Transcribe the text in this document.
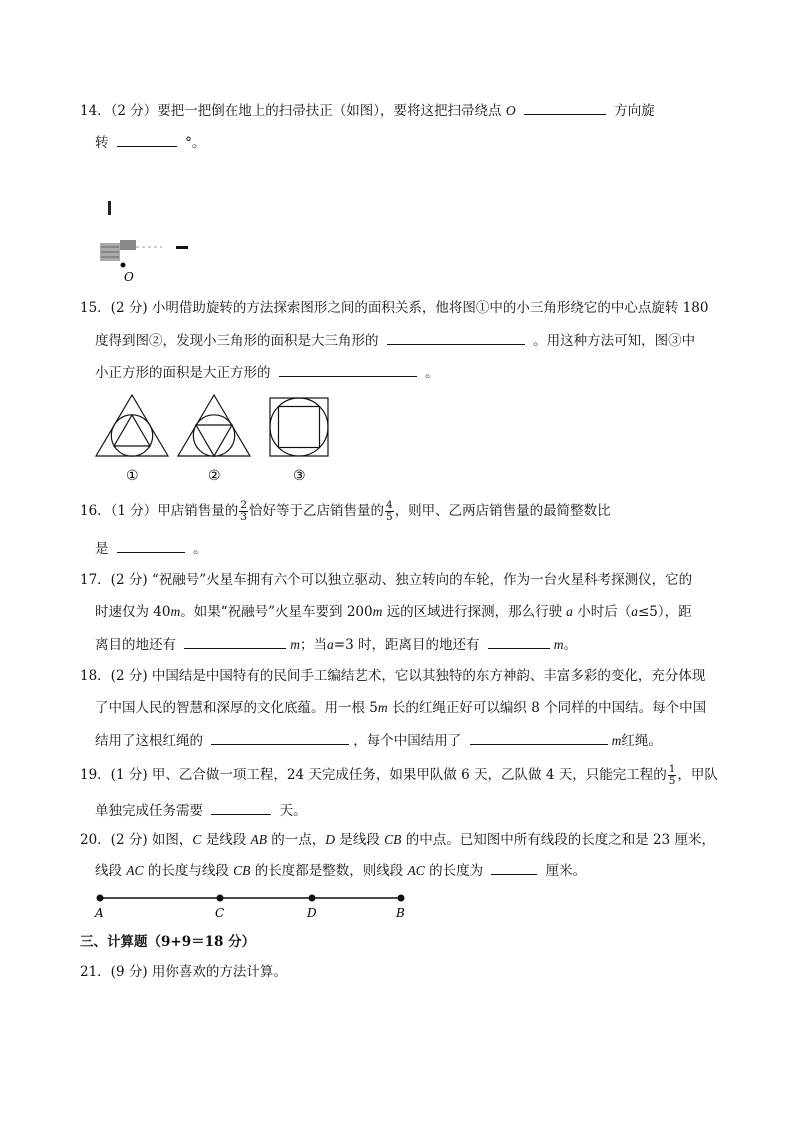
14．（2 分）要把一把倒在地上的扫帚扶正（如图），要将这把扫帚绕点 O	方向旋
转	°。
O
15．(2 分) 小明借助旋转的方法探索图形之间的面积关系，他将图①中的小三角形绕它的中心点旋转 180
度得到图②，发现小三角形的面积是大三角形的	。用这种方法可知，图③中
小正方形的面积是大正方形的	。
①	②	③
16．（1 分）甲店销售量的 $\frac{2}{3}$ 恰好等于乙店销售量的 $\frac{4}{5}$ ，则甲、乙两店销售量的最简整数比
是	。
17．(2 分) “祝融号”火星车拥有六个可以独立驱动、独立转向的车轮，作为一台火星科考探测仪，它的
时速仅为 40m。如果“祝融号”火星车要到 200m 远的区域进行探测，那么行驶 a 小时后（a≤5），距
离目的地还有	m；当a=3 时，距离目的地还有	m。
18．(2 分) 中国结是中国特有的民间手工编结艺术，它以其独特的东方神韵、丰富多彩的变化，充分体现
了中国人民的智慧和深厚的文化底蕴。用一根 5m 长的红绳正好可以编织 8 个同样的中国结。每个中国
结用了这根红绳的	，每个中国结用了	m红绳。
19．(1 分) 甲、乙合做一项工程，24 天完成任务，如果甲队做 6 天，乙队做 4 天，只能完工程的 $\frac{1}{5}$ ，甲队
单独完成任务需要	天。
20．(2 分) 如图，C 是线段 AB 的一点，D 是线段 CB 的中点。已知图中所有线段的长度之和是 23 厘米，
线段 AC 的长度与线段 CB 的长度都是整数，则线段 AC 的长度为	厘米。
A	C	D	B
三、计算题（9+9＝18 分）
21．(9 分) 用你喜欢的方法计算。
